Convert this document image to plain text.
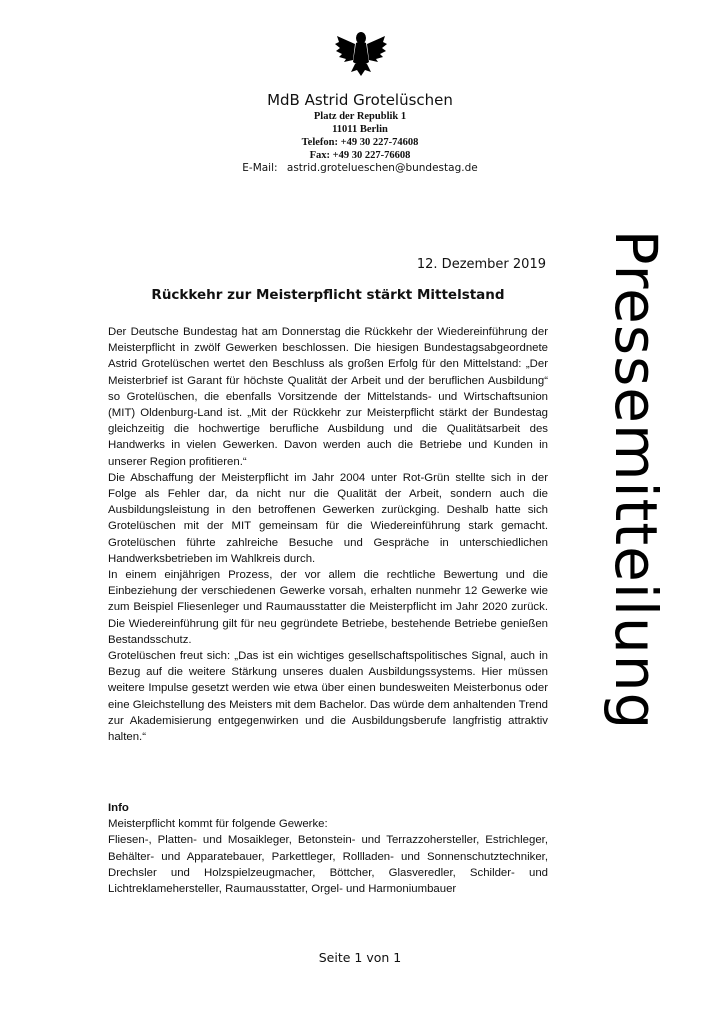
MdB Astrid Grotelüschen
Platz der Republik 1
11011 Berlin
Telefon: +49 30 227-74608
Fax: +49 30 227-76608
E-Mail: astrid.grotelueschen@bundestag.de
Pressemitteilung
12. Dezember 2019
Rückkehr zur Meisterpflicht stärkt Mittelstand

Der Deutsche Bundestag hat am Donnerstag die Rückkehr der Wiedereinführung der Meisterpflicht in zwölf Gewerken beschlossen. Die hiesigen Bundestagsabgeordnete Astrid Grotelüschen wertet den Beschluss als großen Erfolg für den Mittelstand: „Der Meisterbrief ist Garant für höchste Qualität der Arbeit und der beruflichen Ausbildung“ so Grotelüschen, die ebenfalls Vorsitzende der Mittelstands- und Wirtschaftsunion (MIT) Oldenburg-Land ist. „Mit der Rückkehr zur Meisterpflicht stärkt der Bundestag gleichzeitig die hochwertige berufliche Ausbildung und die Qualitätsarbeit des Handwerks in vielen Gewerken. Davon werden auch die Betriebe und Kunden in unserer Region profitieren.“

Die Abschaffung der Meisterpflicht im Jahr 2004 unter Rot-Grün stellte sich in der Folge als Fehler dar, da nicht nur die Qualität der Arbeit, sondern auch die Ausbildungsleistung in den betroffenen Gewerken zurückging. Deshalb hatte sich Grotelüschen mit der MIT gemeinsam für die Wiedereinführung stark gemacht. Grotelüschen führte zahlreiche Besuche und Gespräche in unterschiedlichen Handwerksbetrieben im Wahlkreis durch.

In einem einjährigen Prozess, der vor allem die rechtliche Bewertung und die Einbeziehung der verschiedenen Gewerke vorsah, erhalten nunmehr 12 Gewerke wie zum Beispiel Fliesenleger und Raumausstatter die Meisterpflicht im Jahr 2020 zurück. Die Wiedereinführung gilt für neu gegründete Betriebe, bestehende Betriebe genießen Bestandsschutz.

Grotelüschen freut sich: „Das ist ein wichtiges gesellschaftspolitisches Signal, auch in Bezug auf die weitere Stärkung unseres dualen Ausbildungssystems. Hier müssen weitere Impulse gesetzt werden wie etwa über einen bundesweiten Meisterbonus oder eine Gleichstellung des Meisters mit dem Bachelor. Das würde dem anhaltenden Trend zur Akademisierung entgegenwirken und die Ausbildungsberufe langfristig attraktiv halten.“

Info
Meisterpflicht kommt für folgende Gewerke:

Fliesen-, Platten- und Mosaikleger, Betonstein- und Terrazzohersteller, Estrichleger, Behälter- und Apparatebauer, Parkettleger, Rollladen- und Sonnenschutztechniker, Drechsler und Holzspielzeugmacher, Böttcher, Glasveredler, Schilder- und Lichtreklamehersteller, Raumausstatter, Orgel- und Harmoniumbauer

Seite 1 von 1
